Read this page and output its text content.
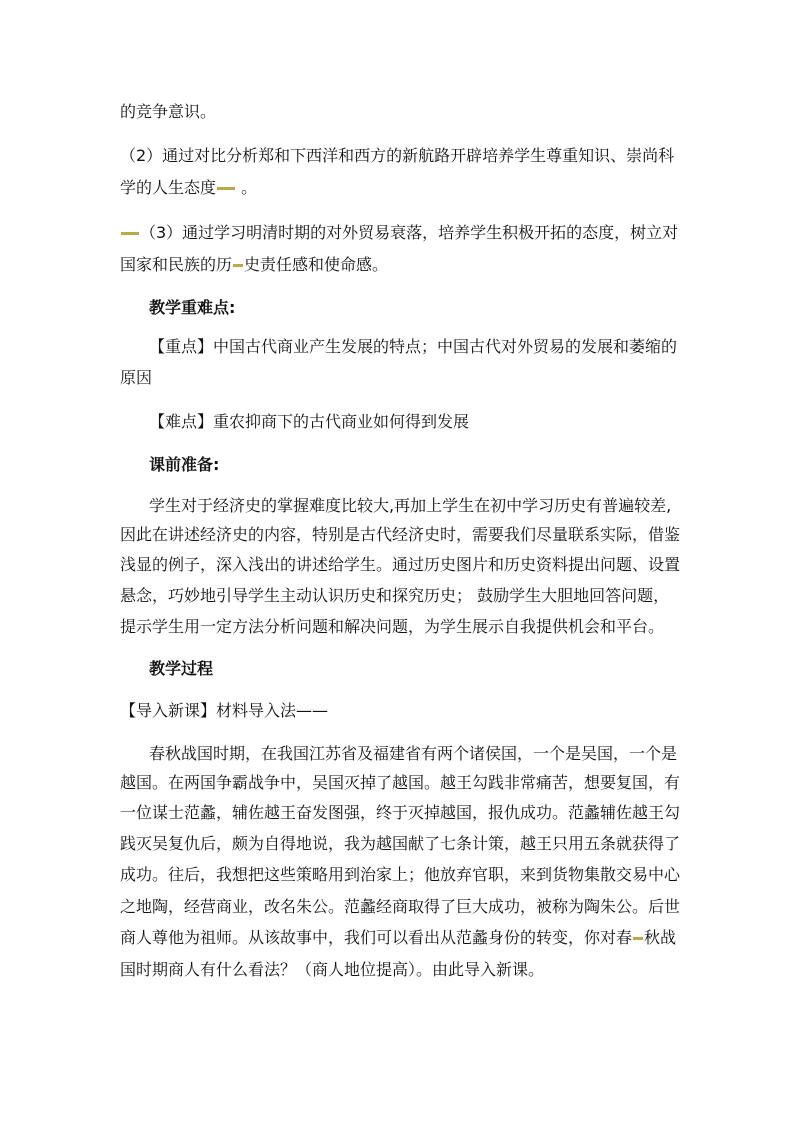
的竞争意识。
（2）通过对比分析郑和下西洋和西方的新航路开辟培养学生尊重知识、崇尚科
学的人生态度 。
（3）通过学习明清时期的对外贸易衰落，培养学生积极开拓的态度，树立对
国家和民族的历 史责任感和使命感。
教学重难点:
【重点】中国古代商业产生发展的特点；中国古代对外贸易的发展和萎缩的
原因
【难点】重农抑商下的古代商业如何得到发展
课前准备:
学生对于经济史的掌握难度比较大,再加上学生在初中学习历史有普遍较差,
因此在讲述经济史的内容，特别是古代经济史时，需要我们尽量联系实际，借鉴
浅显的例子，深入浅出的讲述给学生。通过历史图片和历史资料提出问题、设置
悬念，巧妙地引导学生主动认识历史和探究历史； 鼓励学生大胆地回答问题，
提示学生用一定方法分析问题和解决问题，为学生展示自我提供机会和平台。
教学过程
【导入新课】材料导入法——
春秋战国时期，在我国江苏省及福建省有两个诸侯国，一个是吴国，一个是
越国。在两国争霸战争中，吴国灭掉了越国。越王勾践非常痛苦，想要复国，有
一位谋士范蠡，辅佐越王奋发图强，终于灭掉越国，报仇成功。范蠡辅佐越王勾
践灭吴复仇后，颇为自得地说，我为越国献了七条计策，越王只用五条就获得了
成功。往后，我想把这些策略用到治家上；他放弃官职，来到货物集散交易中心
之地陶，经营商业，改名朱公。范蠡经商取得了巨大成功，被称为陶朱公。后世
商人尊他为祖师。从该故事中，我们可以看出从范蠡身份的转变，你对春 秋战
国时期商人有什么看法？（商人地位提高）。由此导入新课。
